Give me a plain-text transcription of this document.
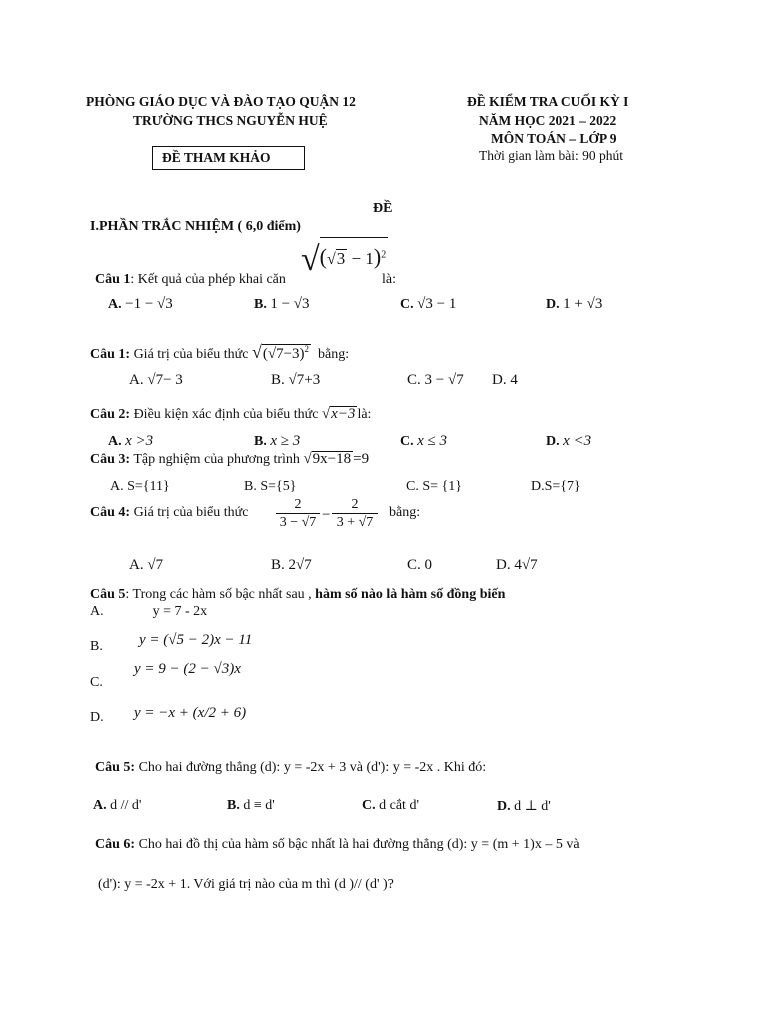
PHÒNG GIÁO DỤC VÀ ĐÀO TẠO QUẬN 12
TRƯỜNG THCS NGUYỄN HUỆ
ĐỀ THAM KHẢO
ĐỀ KIỂM TRA CUỐI KỲ I
NĂM HỌC 2021 – 2022
MÔN TOÁN – LỚP 9
Thời gian làm bài: 90 phút
ĐỀ
I.PHẦN TRẮC NHIỆM ( 6,0 điểm)
Câu 1: Kết quả của phép khai căn
$√(√3 - 1)^2$
là:
A. −1 − √3	B. 1 − √3	C. √3 − 1	D. 1 + √3
Câu 1: Giá trị của biểu thức $√(√7-3)^2$ bằng:
A. √7− 3	B. √7+3	C. 3 − √7 D. 4
Câu 2: Điều kiện xác định của biểu thức √x−3 là:
A. x >3	B. x ≥ 3	C. x ≤ 3	D. x <3
Câu 3: Tập nghiệm của phương trình √9x−18 =9
A. S={11}	B. S={5}	C. S= {1}	D.S={7}
Câu 4: Giá trị của biểu thức $\frac{2}{3 - √7} - \frac{2}{3 + √7}$ bằng:
A. √7	B. 2√7	C. 0	D. 4√7
Câu 5: Trong các hàm số bậc nhất sau , hàm số nào là hàm số đồng biến
A.	y = 7 - 2x
B. y = (√5 − 2)x − 11
C.
y = 9 − (2 − √3)x
D. y = −x + (x/2 + 6)
Câu 5: Cho hai đường thẳng (d): y = -2x + 3 và (d'): y = -2x . Khi đó:
A. d // d'	B. d ≡ d'	C. d cắt d'	D. d ⊥ d'
Câu 6: Cho hai đồ thị của hàm số bậc nhất là hai đường thẳng (d): y = (m + 1)x – 5 và
(d'): y = -2x + 1. Với giá trị nào của m thì (d )// (d' )?
